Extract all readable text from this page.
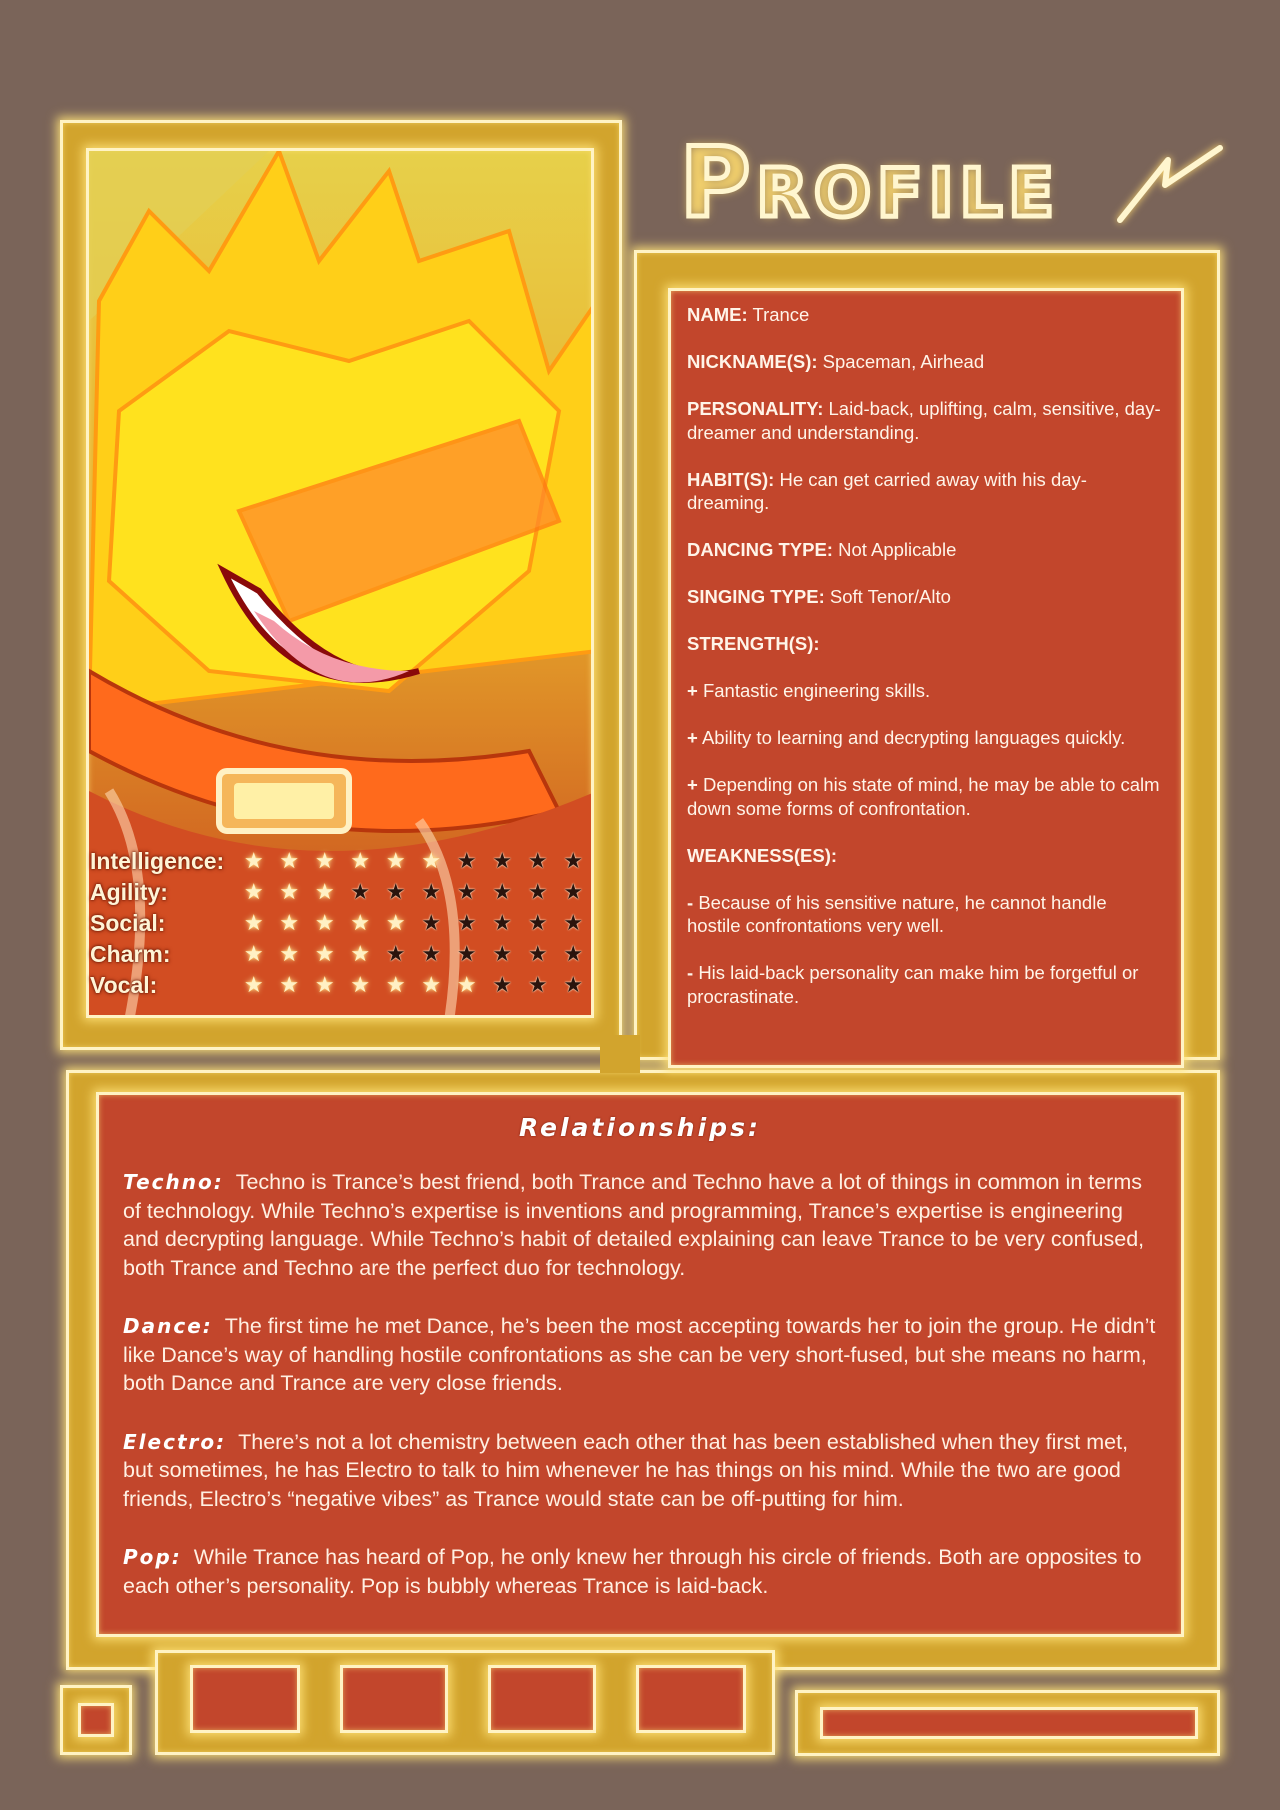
Profile
Intelligence: ★ ★ ★ ★ ★ ★ ★ ★ ★ ★
Agility:	★ ★ ★ ★ ★ ★ ★ ★ ★ ★
Social:	★ ★ ★ ★ ★ ★ ★ ★ ★ ★
Charm:	★ ★ ★ ★ ★ ★ ★ ★ ★ ★
Vocal:	★ ★ ★ ★ ★ ★ ★ ★ ★ ★
NAME: Trance
NICKNAME(S): Spaceman, Airhead
PERSONALITY: Laid-back, uplifting, calm, sensitive, day-dreamer and understanding.
HABIT(S): He can get carried away with his day-dreaming.
DANCING TYPE: Not Applicable
SINGING TYPE: Soft Tenor/Alto
STRENGTH(S):
+ Fantastic engineering skills.
+ Ability to learning and decrypting languages quickly.
+ Depending on his state of mind, he may be able to calm down some forms of confrontation.
WEAKNESS(ES):
- Because of his sensitive nature, he cannot handle hostile confrontations very well.
- His laid-back personality can make him be forgetful or procrastinate.
Relationships:

Techno: Techno is Trance’s best friend, both Trance and Techno have a lot of things in common in terms of technology. While Techno’s expertise is inventions and programming, Trance’s expertise is engineering and decrypting language. While Techno’s habit of detailed explaining can leave Trance to be very confused, both Trance and Techno are the perfect duo for technology.

Dance: The first time he met Dance, he’s been the most accepting towards her to join the group. He didn’t like Dance’s way of handling hostile confrontations as she can be very short-fused, but she means no harm, both Dance and Trance are very close friends.

Electro: There’s not a lot chemistry between each other that has been established when they first met, but sometimes, he has Electro to talk to him whenever he has things on his mind. While the two are good friends, Electro’s “negative vibes” as Trance would state can be off-putting for him.

Pop: While Trance has heard of Pop, he only knew her through his circle of friends. Both are opposites to each other’s personality. Pop is bubbly whereas Trance is laid-back.
